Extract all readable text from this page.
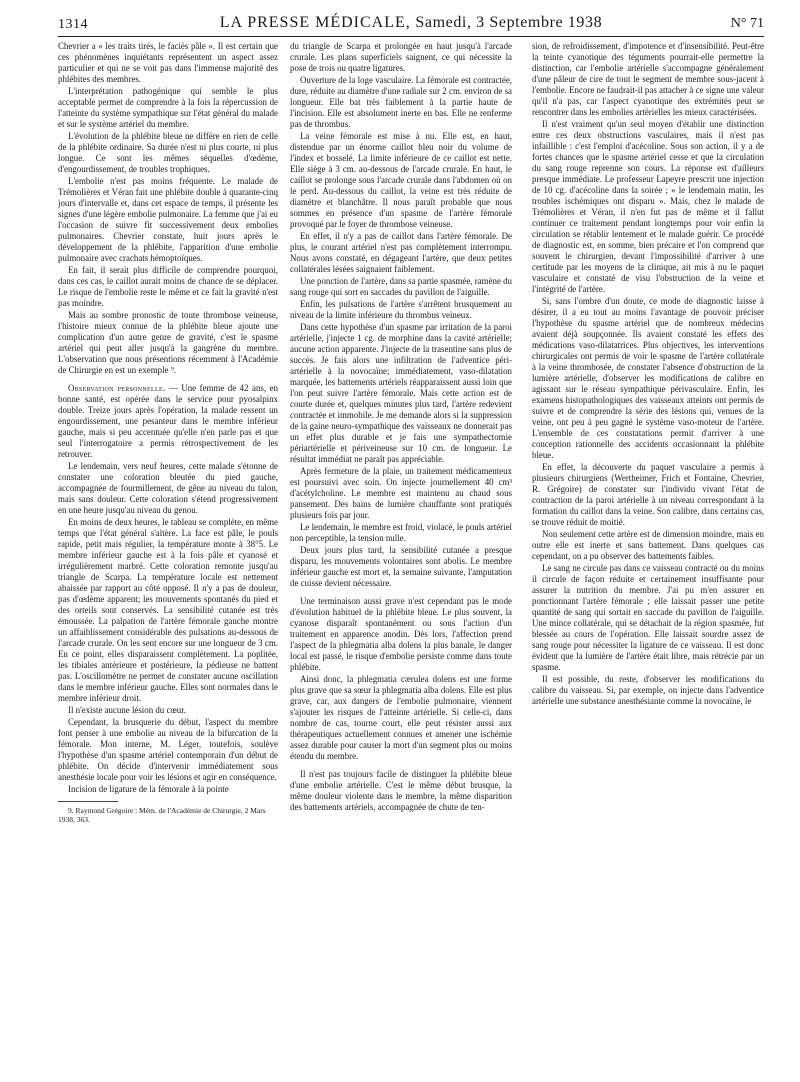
1314	LA PRESSE MÉDICALE, Samedi, 3 Septembre 1938	N° 71

Chevrier a « les traits tirés, le faciès pâle ». Il est certain que ces phénomènes inquiétants représentent un aspect assez particulier et qui ne se voit pas dans l'immense majorité des phlébites des membres.

L'interprétation pathogénique qui semble le plus acceptable permet de comprendre à la fois la répercussion de l'atteinte du système sympathique sur l'état général du malade et sur le système artériel du membre.

L'évolution de la phlébite bleue ne diffère en rien de celle de la phlébite ordinaire. Sa durée n'est ni plus courte, ni plus longue. Ce sont les mêmes séquelles d'œdème, d'engourdissement, de troubles trophiques.

L'embolie n'est pas moins fréquente. Le malade de Trémolières et Véran fait une phlébite double à quarante-cinq jours d'intervalle et, dans cet espace de temps, il présente les signes d'une légère embolie pulmonaire. La femme que j'ai eu l'occasion de suivre fit successivement deux embolies pulmonaires. Chevrier constate, huit jours après le développement de la phlébite, l'apparition d'une embolie pulmonaire avec crachats hémoptoïques.

En fait, il serait plus difficile de comprendre pourquoi, dans ces cas, le caillot aurait moins de chance de se déplacer. Le risque de l'embolie reste le même et ce fait la gravité n'est pas moindre.

Mais au sombre pronostic de toute thrombose veineuse, l'histoire mieux connue de la phlébite bleue ajoute une complication d'un autre genre de gravité, c'est le spasme artériel qui peut aller jusqu'à la gangrène du membre. L'observation que nous présentions récemment à l'Académie de Chirurgie en est un exemple ⁹.

Observation personnelle. — Une femme de 42 ans, en bonne santé, est opérée dans le service pour pyosalpinx double. Treize jours après l'opération, la malade ressent un engourdissement, une pesanteur dans le membre inférieur gauche, mais si peu accentuée qu'elle n'en parle pas et que seul l'interrogatoire a permis rétrospectivement de les retrouver.

Le lendemain, vers neuf heures, cette malade s'étonne de constater une coloration bleutée du pied gauche, accompagnée de fourmillement, de gêne au niveau du talon, mais sans douleur. Cette coloration s'étend progressivement en une heure jusqu'au niveau du genou.

En moins de deux heures, le tableau se complète, en même temps que l'état général s'altère. La face est pâle, le pouls rapide, petit mais régulier, la température monte à 38°5. Le membre inférieur gauche est à la fois pâle et cyanosé et irrégulièrement marbré. Cette coloration remonte jusqu'au triangle de Scarpa. La température locale est nettement abaissée par rapport au côté opposé. Il n'y a pas de douleur, pas d'œdème apparent; les mouvements spontanés du pied et des orteils sont conservés. La sensibilité cutanée est très émoussée. La palpation de l'artère fémorale gauche montre un affaiblissement considérable des pulsations au-dessous de l'arcade crurale. On les sent encore sur une longueur de 3 cm. En ce point, elles disparaissent complètement. La poplitée, les tibiales antérieure et postérieure, la pédieuse ne battent pas. L'oscillomètre ne permet de constater aucune oscillation dans le membre inférieur gauche. Elles sont normales dans le membre inférieur droit.

Il n'existe aucune lésion du cœur.

Cependant, la brusquerie du début, l'aspect du membre font penser à une embolie au niveau de la bifurcation de la fémorale. Mon interne, M. Léger, toutefois, soulève l'hypothèse d'un spasme artériel contemporain d'un début de phlébite. On décide d'intervenir immédiatement sous anesthésie locale pour voir les lésions et agir en conséquence.

Incision de ligature de la fémorale à la pointe

9. Raymond Grégoire : Mém. de l'Académie de Chirurgie, 2 Mars 1938, 363.

du triangle de Scarpa et prolongée en haut jusqu'à l'arcade crurale. Les plans superficiels saignent, ce qui nécessite la pose de trois ou quatre ligatures.

Ouverture de la loge vasculaire. La fémorale est contractée, dure, réduite au diamètre d'une radiale sur 2 cm. environ de sa longueur. Elle bat très faiblement à la partie haute de l'incision. Elle est absolument inerte en bas. Elle ne renferme pas de thrombus.

La veine fémorale est mise à nu. Elle est, en haut, distendue par un énorme caillot bleu noir du volume de l'index et bosselé. La limite inférieure de ce caillot est nette. Elle siège à 3 cm. au-dessous de l'arcade crurale. En haut, le caillot se prolonge sous l'arcade crurale dans l'abdomen où on le perd. Au-dessous du caillot, la veine est très réduite de diamètre et blanchâtre. Il nous paraît probable que nous sommes en présence d'un spasme de l'artère fémorale provoqué par le foyer de thrombose veineuse.

En effet, il n'y a pas de caillot dans l'artère fémorale. De plus, le courant artériel n'est pas complètement interrompu. Nous avons constaté, en dégageant l'artère, que deux petites collatérales lésées saignaient faiblement.

Une ponction de l'artère, dans sa partie spasmée, ramène du sang rouge qui sort en saccades du pavillon de l'aiguille.

Enfin, les pulsations de l'artère s'arrêtent brusquement au niveau de la limite inférieure du thrombus veineux.

Dans cette hypothèse d'un spasme par irritation de la paroi artérielle, j'injecte 1 cg. de morphine dans la cavité artérielle; aucune action apparente. J'injecte de la trasentine sans plus de succès. Je fais alors une infiltration de l'adventice péri-artérielle à la novocaïne; immédiatement, vaso-dilatation marquée, les battements artériels réapparaissent aussi loin que l'on peut suivre l'artère fémorale. Mais cette action est de courte durée et, quelques minutes plus tard, l'artère redevient contractée et immobile. Je me demande alors si la suppression de la gaine neuro-sympathique des vaisseaux ne donnerait pas un effet plus durable et je fais une sympathectomie périartérielle et périveineuse sur 10 cm. de longueur. Le résultat immédiat ne paraît pas appréciable.

Après fermeture de la plaie, un traitement médicamenteux est poursuivi avec soin. On injecte journellement 40 cm³ d'acétylcholine. Le membre est maintenu au chaud sous pansement. Des bains de lumière chauffante sont pratiqués plusieurs fois par jour.

Le lendemain, le membre est froid, violacé, le pouls artériel non perceptible, la tension nulle.

Deux jours plus tard, la sensibilité cutanée a presque disparu, les mouvements volontaires sont abolis. Le membre inférieur gauche est mort et, la semaine suivante, l'amputation de cuisse devient nécessaire.

Une terminaison aussi grave n'est cependant pas le mode d'évolution habituel de la phlébite bleue. Le plus souvent, la cyanose disparaît spontanément ou sous l'action d'un traitement en apparence anodin. Dès lors, l'affection prend l'aspect de la phlegmatia alba dolens la plus banale, le danger local est passé, le risque d'embolie persiste comme dans toute phlébite.

Ainsi donc, la phlegmatia cærulea dolens est une forme plus grave que sa sœur la phlegmatia alba dolens. Elle est plus grave, car, aux dangers de l'embolie pulmonaire, viennent s'ajouter les risques de l'atteinte artérielle. Si celle-ci, dans nombre de cas, tourne court, elle peut résister aussi aux thérapeutiques actuellement connues et amener une ischémie assez durable pour causer la mort d'un segment plus ou moins étendu du membre.

Il n'est pas toujours facile de distinguer la phlébite bleue d'une embolie artérielle. C'est le même début brusque, la même douleur violente dans le membre, la même disparition des battements artériels, accompagnée de chute de ten-

sion, de refroidissement, d'impotence et d'insensibilité. Peut-être la teinte cyanotique des téguments pourrait-elle permettre la distinction, car l'embolie artérielle s'accompagne généralement d'une pâleur de cire de tout le segment de membre sous-jacent à l'embolie. Encore ne faudrait-il pas attacher à ce signe une valeur qu'il n'a pas, car l'aspect cyanotique des extrémités peut se rencontrer dans les embolies artérielles les mieux caractérisées.

Il n'est vraiment qu'un seul moyen d'établir une distinction entre ces deux obstructions vasculaires, mais il n'est pas infaillible : c'est l'emploi d'acécoline. Sous son action, il y a de fortes chances que le spasme artériel cesse et que la circulation du sang rouge reprenne son cours. La réponse est d'ailleurs presque immédiate. Le professeur Lapeyre prescrit une injection de 10 cg. d'acécoline dans la soirée ; « le lendemain matin, les troubles ischémiques ont disparu ». Mais, chez le malade de Trémolières et Véran, il n'en fut pas de même et il fallut continuer ce traitement pendant longtemps pour voir enfin la circulation se rétablir lentement et le malade guérir. Ce procédé de diagnostic est, en somme, bien précaire et l'on comprend que souvent le chirurgien, devant l'impossibilité d'arriver à une certitude par les moyens de la clinique, ait mis à nu le paquet vasculaire et constaté de visu l'obstruction de la veine et l'intégrité de l'artère.

Si, sans l'ombre d'un doute, ce mode de diagnostic laisse à désirer, il a eu tout au moins l'avantage de pouvoir préciser l'hypothèse du spasme artériel que de nombreux médecins avaient déjà soupçonnée. Ils avaient constaté les effets des médications vaso-dilatatrices. Plus objectives, les interventions chirurgicales ont permis de voir le spasme de l'artère collatérale à la veine thrombosée, de constater l'absence d'obstruction de la lumière artérielle, d'observer les modifications de calibre en agissant sur le réseau sympathique périvasculaire. Enfin, les examens histopathologiques des vaisseaux atteints ont permis de suivre et de comprendre la série des lésions qui, venues de la veine, ont peu à peu gagné le système vaso-moteur de l'artère. L'ensemble de ces constatations permit d'arriver à une conception rationnelle des accidents occasionnant la phlébite bleue.

En effet, la découverte du paquet vasculaire a permis à plusieurs chirurgiens (Wertheimer, Frich et Fontaine, Chevrier, R. Grégoire) de constater sur l'individu vivant l'état de contraction de la paroi artérielle à un niveau correspondant à la formation du caillot dans la veine. Son calibre, dans certains cas, se trouve réduit de moitié.

Non seulement cette artère est de dimension moindre, mais en outre elle est inerte et sans battement. Dans quelques cas cependant, on a pu observer des battements faibles.

Le sang ne circule pas dans ce vaisseau contracté ou du moins il circule de façon réduite et certainement insuffisante pour assurer la nutrition du membre. J'ai pu m'en assurer en ponctionnant l'artère fémorale ; elle laissait passer une petite quantité de sang qui sortait en saccade du pavillon de l'aiguille. Une mince collatérale, qui se détachait de la région spasmée, fut blessée au cours de l'opération. Elle laissait sourdre assez de sang rouge pour nécessiter la ligature de ce vaisseau. Il est donc évident que la lumière de l'artère était libre, mais rétrécie par un spasme.

Il est possible, du reste, d'observer les modifications du calibre du vaisseau. Si, par exemple, on injecte dans l'adventice artérielle une substance anesthésiante comme la novocaïne, le
